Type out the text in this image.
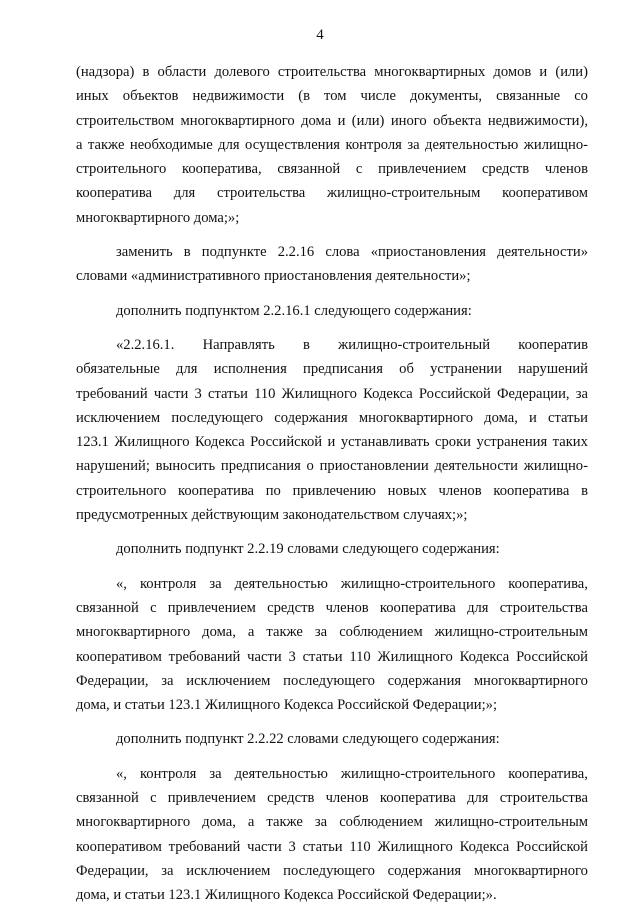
4
(надзора) в области долевого строительства многоквартирных домов и (или)
иных объектов недвижимости (в том числе документы, связанные со
строительством многоквартирного дома и (или) иного объекта недвижимости),
а также необходимые для осуществления контроля за деятельностью жилищно-
строительного кооператива, связанной с привлечением средств членов
кооператива для строительства жилищно-строительным кооперативом
многоквартирного дома;»;
заменить в подпункте 2.2.16 слова «приостановления деятельности»
словами «административного приостановления деятельности»;
дополнить подпунктом 2.2.16.1 следующего содержания:
«2.2.16.1. Направлять в жилищно-строительный кооператив
обязательные для исполнения предписания об устранении нарушений
требований части 3 статьи 110 Жилищного Кодекса Российской Федерации, за
исключением последующего содержания многоквартирного дома, и статьи
123.1 Жилищного Кодекса Российской и устанавливать сроки устранения таких
нарушений; выносить предписания о приостановлении деятельности жилищно-
строительного кооператива по привлечению новых членов кооператива в
предусмотренных действующим законодательством случаях;»;
дополнить подпункт 2.2.19 словами следующего содержания:
«, контроля за деятельностью жилищно-строительного кооператива,
связанной с привлечением средств членов кооператива для строительства
многоквартирного дома, а также за соблюдением жилищно-строительным
кооперативом требований части 3 статьи 110 Жилищного Кодекса Российской
Федерации, за исключением последующего содержания многоквартирного
дома, и статьи 123.1 Жилищного Кодекса Российской Федерации;»;
дополнить подпункт 2.2.22 словами следующего содержания:
«, контроля за деятельностью жилищно-строительного кооператива,
связанной с привлечением средств членов кооператива для строительства
многоквартирного дома, а также за соблюдением жилищно-строительным
кооперативом требований части 3 статьи 110 Жилищного Кодекса Российской
Федерации, за исключением последующего содержания многоквартирного
дома, и статьи 123.1 Жилищного Кодекса Российской Федерации;».
